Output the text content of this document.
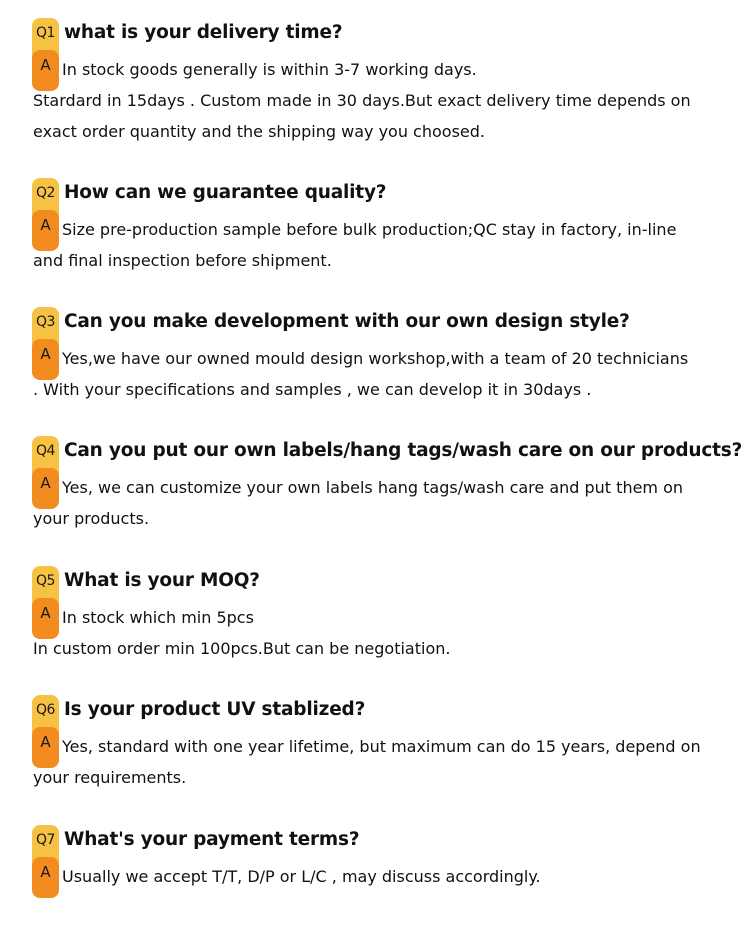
Q1 what is your delivery time?
A In stock goods generally is within 3-7 working days.
Stardard in 15days . Custom made in 30 days.But exact delivery time depends on exact order quantity and the shipping way you choosed.
Q2 How can we guarantee quality?
A Size pre-production sample before bulk production;QC stay in factory, in-line
and final inspection before shipment.
Q3 Can you make development with our own design style?
A Yes,we have our owned mould design workshop,with a team of 20 technicians
. With your specifications and samples , we can develop it in 30days .
Q4 Can you put our own labels/hang tags/wash care on our products?
A Yes, we can customize your own labels hang tags/wash care and put them on
your products.
Q5 What is your MOQ?
A In stock which min 5pcs
In custom order min 100pcs.But can be negotiation.
Q6 Is your product UV stablized?
A Yes, standard with one year lifetime, but maximum can do 15 years, depend on
your requirements.
Q7 What's your payment terms?
A Usually we accept T/T, D/P or L/C , may discuss accordingly.
